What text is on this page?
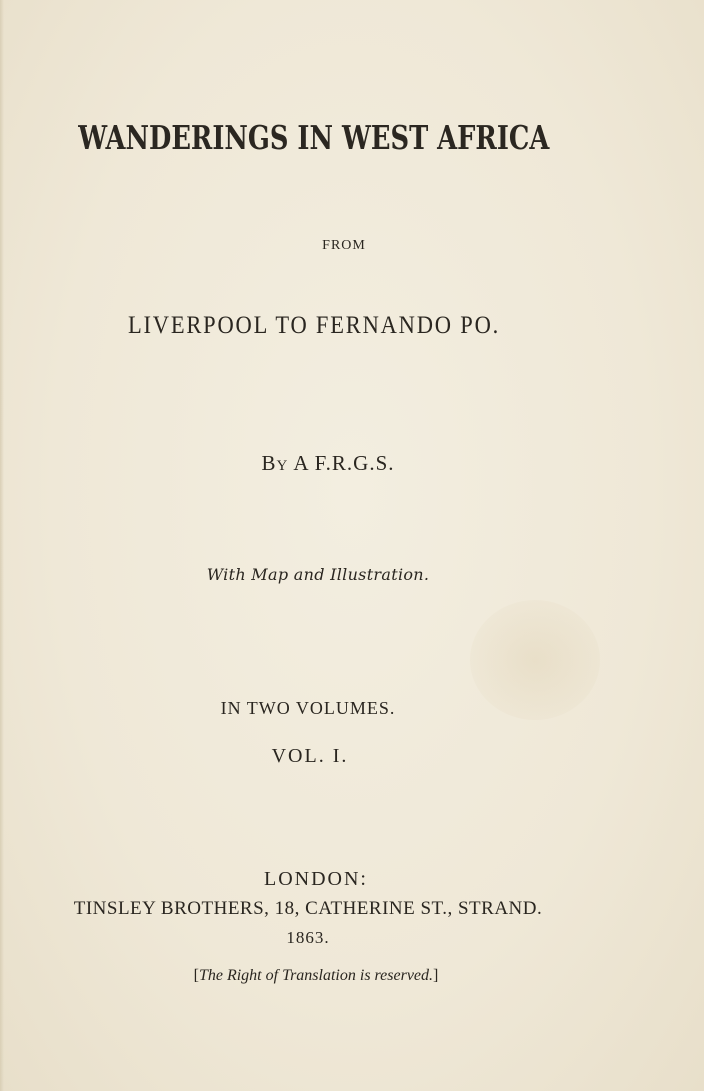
WANDERINGS IN WEST AFRICA
FROM
LIVERPOOL TO FERNANDO PO.
By A F.R.G.S.
With Map and Illustration.
IN TWO VOLUMES.
VOL. I.
LONDON:
TINSLEY BROTHERS, 18, CATHERINE ST., STRAND.
1863.
[The Right of Translation is reserved.]
